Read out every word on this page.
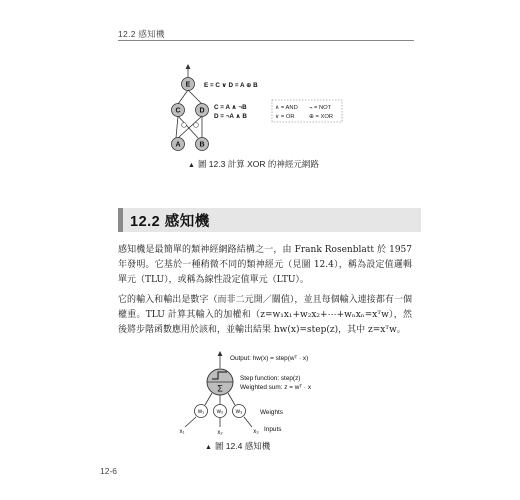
12.2 感知機
E
C	D
A	B
E = C ∨ D = A ⊕ B
C = A ∧ ¬B
D = ¬A ∧ B
∧ = AND
∨ = OR
¬ = NOT
⊕ = XOR
▲ 圖 12.3 計算 XOR 的神經元網路
12.2 感知機
感知機是最簡單的類神經網路結構之一，由 Frank Rosenblatt 於 1957 年發明。它基於一種稍微不同的類神經元（見圖 12.4），稱為設定值邏輯單元（TLU），或稱為線性設定值單元（LTU）。
它的輸入和輸出是數字（而非二元開／關值），並且每個輸入連接都有一個權重。TLU 計算其輸入的加權和（z=w₁x₁+w₂x₂+⋯+wₙxₙ=xᵀw），然後將步階函數應用於該和，並輸出結果 hw(x)=step(z)，其中 z=xᵀw。
Σ
w₁ w₂ w₃
x₁	x₂	x₃
Output: hw(x) = step(wᵀ · x)
Step function: step(z)
Weighted sum: z = wᵀ · x
Weights
Inputs
▲ 圖 12.4 感知機
12-6
